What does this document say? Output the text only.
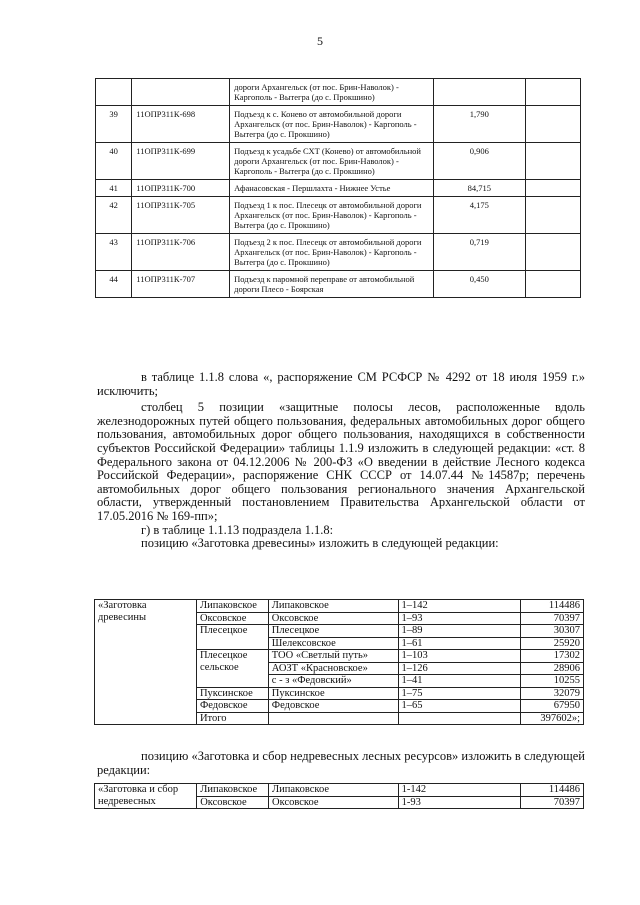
5
		дороги Архангельск (от пос. Брин-Наволок) - Каргополь - Вытегра (до с. Прокшино)		
39	11ОПР311К-698	Подъезд к с. Конево от автомобильной дороги Архангельск (от пос. Брин-Наволок) - Каргополь - Вытегра (до с. Прокшино)	1,790	
40	11ОПР311К-699	Подъезд к усадьбе СХТ (Конево) от автомобильной дороги Архангельск (от пос. Брин-Наволок) - Каргополь - Вытегра (до с. Прокшино)	0,906	
41	11ОПР311К-700	Афанасовская - Першлахта - Нижнее Устье	84,715	
42	11ОПР311К-705	Подъезд 1 к пос. Плесецк от автомобильной дороги Архангельск (от пос. Брин-Наволок) - Каргополь - Вытегра (до с. Прокшино)	4,175	
43	11ОПР311К-706	Подъезд 2 к пос. Плесецк от автомобильной дороги Архангельск (от пос. Брин-Наволок) - Каргополь - Вытегра (до с. Прокшино)	0,719	
44	11ОПР311К-707	Подъезд к паромной переправе от автомобильной дороги Плесо - Боярская	0,450	

в таблице 1.1.8 слова «, распоряжение СМ РСФСР № 4292 от 18 июля 1959 г.» исключить;

столбец 5 позиции «защитные полосы лесов, расположенные вдоль железнодорожных путей общего пользования, федеральных автомобильных дорог общего пользования, автомобильных дорог общего пользования, находящихся в собственности субъектов Российской Федерации» таблицы 1.1.9 изложить в следующей редакции: «ст. 8 Федерального закона от 04.12.2006 № 200-ФЗ «О введении в действие Лесного кодекса Российской Федерации», распоряжение СНК СССР от 14.07.44 №14587р; перечень автомобильных дорог общего пользования регионального значения Архангельской области, утвержденный постановлением Правительства Архангельской области от 17.05.2016 № 169-пп»;

г) в таблице 1.1.13 подраздела 1.1.8:

позицию «Заготовка древесины» изложить в следующей редакции:

«Заготовка древесины	Липаковское	Липаковское	1–142	114486
	Оксовское	Оксовское	1–93	70397
	Плесецкое	Плесецкое	1–89	30307
		Шелексовское	1–61	25920
	Плесецкое сельское	ТОО «Светлый путь»	1–103	17302
		АОЗТ «Красновское»	1–126	28906
		с - з «Федовский»	1–41	10255
	Пуксинское	Пуксинское	1–75	32079
	Федовское	Федовское	1–65	67950
	Итого			397602»;

позицию «Заготовка и сбор недревесных лесных ресурсов» изложить в следующей редакции:

«Заготовка и сбор недревесных	Липаковское	Липаковское	1-142	114486
	Оксовское	Оксовское	1-93	70397
